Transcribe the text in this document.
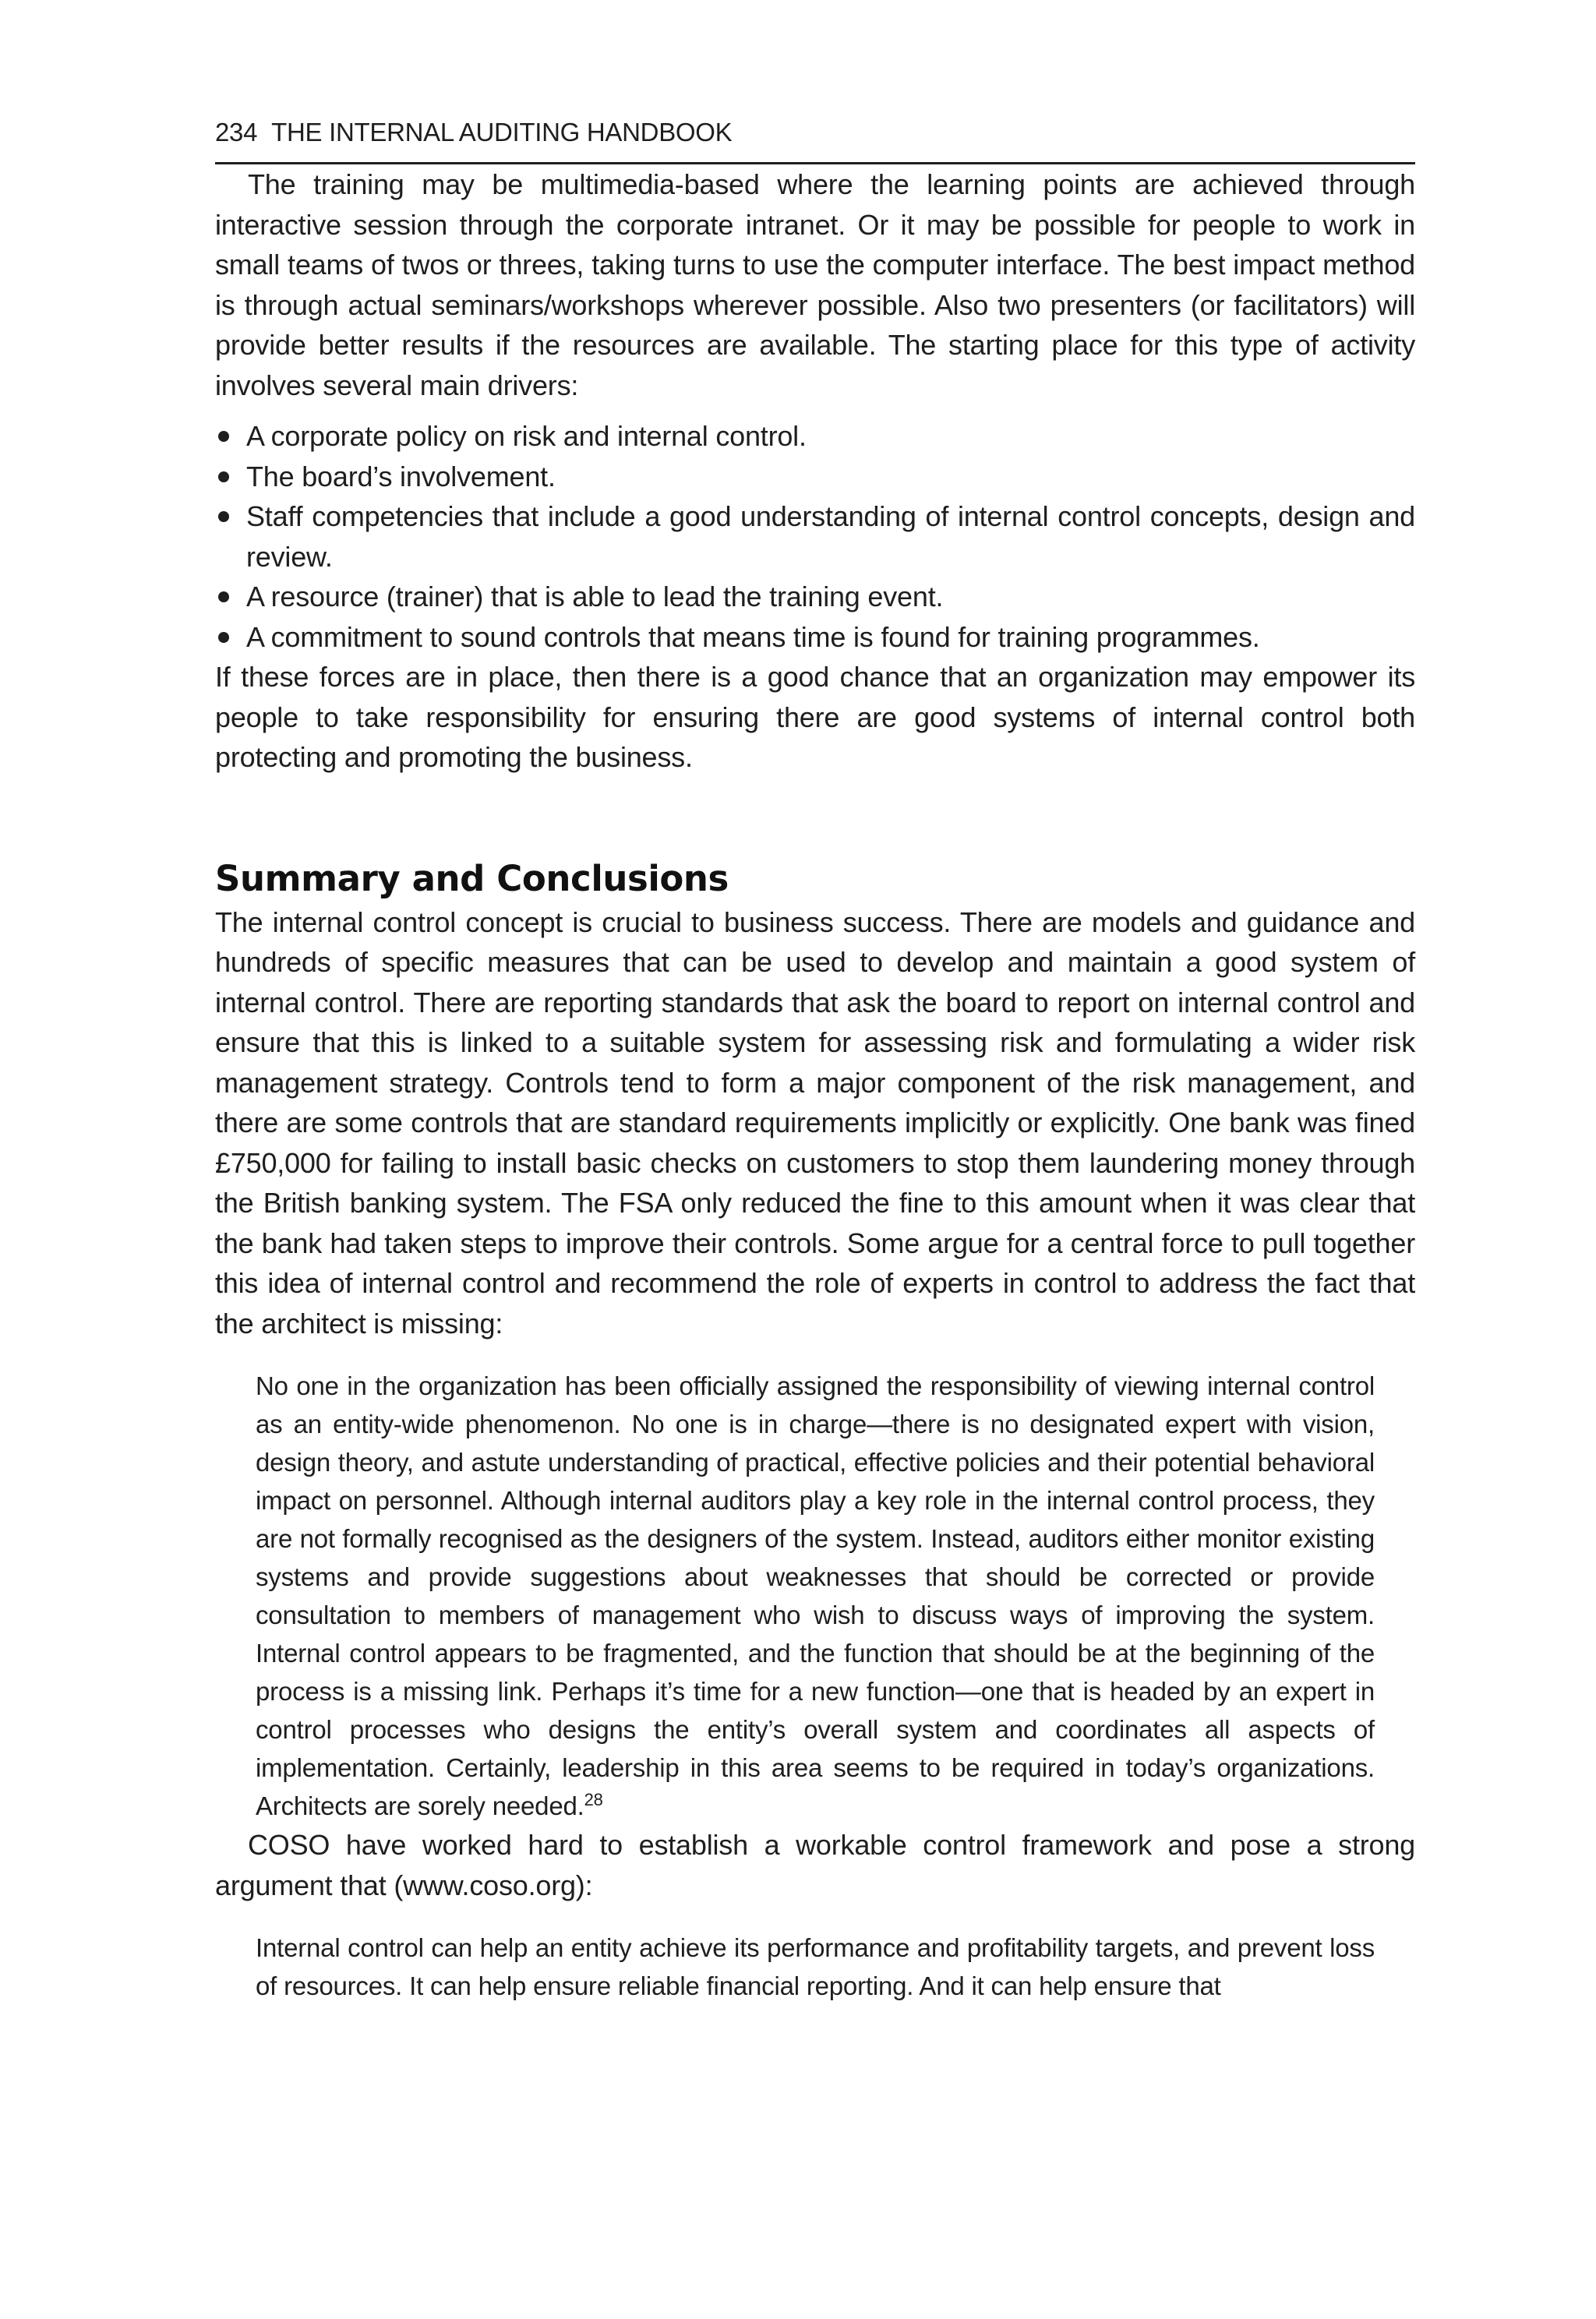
234 THE INTERNAL AUDITING HANDBOOK

The training may be multimedia-based where the learning points are achieved through interactive session through the corporate intranet. Or it may be possible for people to work in small teams of twos or threes, taking turns to use the computer interface. The best impact method is through actual seminars/workshops wherever possible. Also two presenters (or facilitators) will provide better results if the resources are available. The starting place for this type of activity involves several main drivers:

A corporate policy on risk and internal control.
The board’s involvement.
Staff competencies that include a good understanding of internal control concepts, design and review.
A resource (trainer) that is able to lead the training event.
A commitment to sound controls that means time is found for training programmes.

If these forces are in place, then there is a good chance that an organization may empower its people to take responsibility for ensuring there are good systems of internal control both protecting and promoting the business.

Summary and Conclusions

The internal control concept is crucial to business success. There are models and guidance and hundreds of specific measures that can be used to develop and maintain a good system of internal control. There are reporting standards that ask the board to report on internal control and ensure that this is linked to a suitable system for assessing risk and formulating a wider risk management strategy. Controls tend to form a major component of the risk management, and there are some controls that are standard requirements implicitly or explicitly. One bank was fined £750,000 for failing to install basic checks on customers to stop them laundering money through the British banking system. The FSA only reduced the fine to this amount when it was clear that the bank had taken steps to improve their controls. Some argue for a central force to pull together this idea of internal control and recommend the role of experts in control to address the fact that the architect is missing:

No one in the organization has been officially assigned the responsibility of viewing internal control as an entity-wide phenomenon. No one is in charge—there is no designated expert with vision, design theory, and astute understanding of practical, effective policies and their potential behavioral impact on personnel. Although internal auditors play a key role in the internal control process, they are not formally recognised as the designers of the system. Instead, auditors either monitor existing systems and provide suggestions about weaknesses that should be corrected or provide consultation to members of management who wish to discuss ways of improving the system. Internal control appears to be fragmented, and the function that should be at the beginning of the process is a missing link. Perhaps it’s time for a new function—one that is headed by an expert in control processes who designs the entity’s overall system and coordinates all aspects of implementation. Certainly, leadership in this area seems to be required in today’s organizations. Architects are sorely needed.$^{28}$

COSO have worked hard to establish a workable control framework and pose a strong argument that (www.coso.org):

Internal control can help an entity achieve its performance and profitability targets, and prevent loss of resources. It can help ensure reliable financial reporting. And it can help ensure that
